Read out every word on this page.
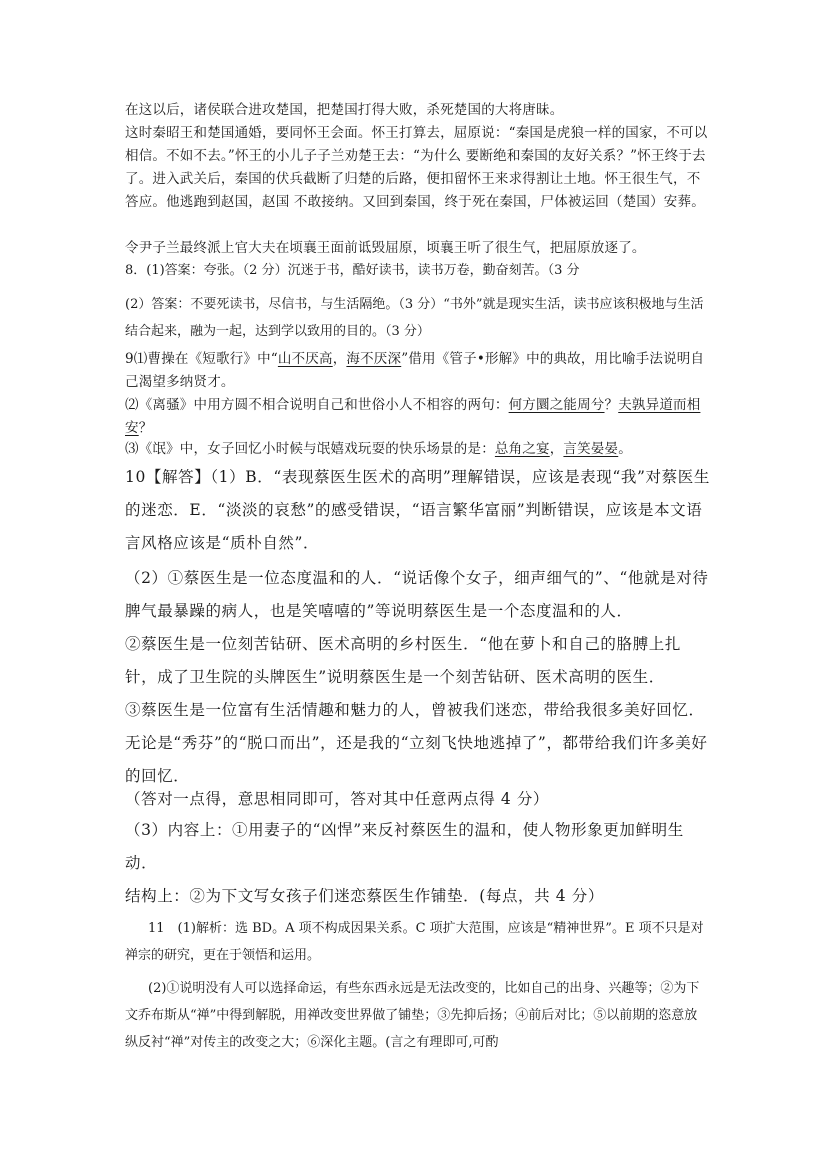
在这以后，诸侯联合进攻楚国，把楚国打得大败，杀死楚国的大将唐昧。

这时秦昭王和楚国通婚，要同怀王会面。怀王打算去，屈原说：“秦国是虎狼一样的国家，不可以相信。不如不去。”怀王的小儿子子兰劝楚王去：“为什么 要断绝和秦国的友好关系？”怀王终于去了。进入武关后，秦国的伏兵截断了归楚的后路，便扣留怀王来求得割让土地。怀王很生气，不答应。他逃跑到赵国，赵国 不敢接纳。又回到秦国，终于死在秦国，尸体被运回（楚国）安葬。

令尹子兰最终派上官大夫在顷襄王面前诋毁屈原，顷襄王听了很生气，把屈原放逐了。

8．(1)答案：夸张。（2 分）沉迷于书，酷好读书，读书万卷，勤奋刻苦。（3 分

(2）答案：不要死读书，尽信书，与生活隔绝。（3 分）“书外”就是现实生活，读书应该积极地与生活结合起来，融为一起，达到学以致用的目的。（3 分）

9⑴曹操在《短歌行》中“山不厌高，海不厌深”借用《管子•形解》中的典故，用比喻手法说明自己渴望多纳贤才。

⑵《离骚》中用方圆不相合说明自己和世俗小人不相容的两句：何方圜之能周兮？夫孰异道而相安？

⑶《氓》中，女子回忆小时候与氓嬉戏玩耍的快乐场景的是：总角之宴，言笑晏晏。

10【解答】（1）B．“表现蔡医生医术的高明”理解错误，应该是表现“我”对蔡医生的迷恋．E．“淡淡的哀愁”的感受错误，“语言繁华富丽”判断错误，应该是本文语言风格应该是“质朴自然”．

（2）①蔡医生是一位态度温和的人．“说话像个女子，细声细气的”、“他就是对待脾气最暴躁的病人，也是笑嘻嘻的”等说明蔡医生是一个态度温和的人．

②蔡医生是一位刻苦钻研、医术高明的乡村医生．“他在萝卜和自己的胳膊上扎针，成了卫生院的头牌医生”说明蔡医生是一个刻苦钻研、医术高明的医生．

③蔡医生是一位富有生活情趣和魅力的人，曾被我们迷恋，带给我很多美好回忆．无论是“秀芬”的“脱口而出”，还是我的“立刻飞快地逃掉了”，都带给我们许多美好的回忆．

（答对一点得，意思相同即可，答对其中任意两点得 4 分）

（3）内容上：①用妻子的“凶悍”来反衬蔡医生的温和，使人物形象更加鲜明生动．

结构上：②为下文写女孩子们迷恋蔡医生作铺垫．(每点，共 4 分）

11　(1)解析：选 BD。A 项不构成因果关系。C 项扩大范围，应该是“精神世界”。E 项不只是对禅宗的研究，更在于领悟和运用。

(2)①说明没有人可以选择命运，有些东西永远是无法改变的，比如自己的出身、兴趣等；②为下文乔布斯从“禅”中得到解脱，用禅改变世界做了铺垫；③先抑后扬；④前后对比；⑤以前期的恣意放纵反衬“禅”对传主的改变之大；⑥深化主题。(言之有理即可,可酌
